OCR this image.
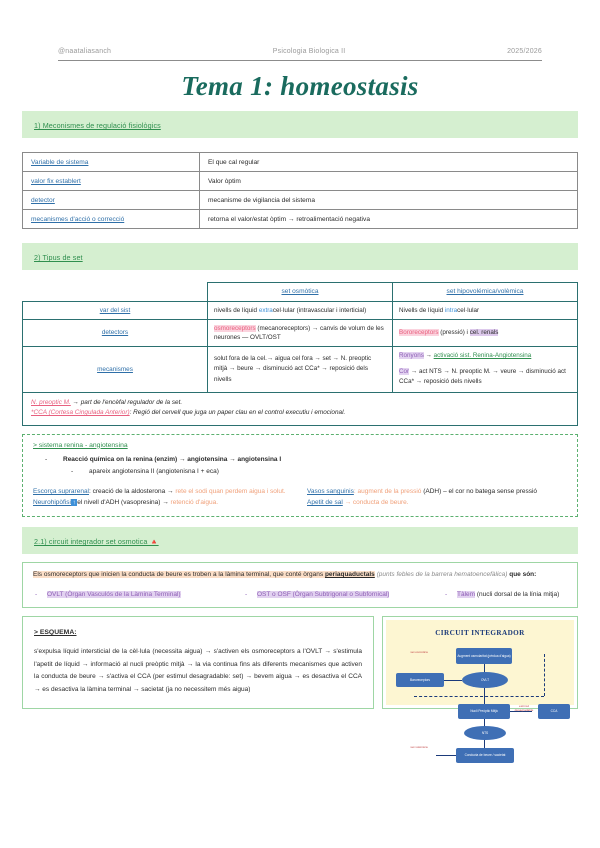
@naataliasanch	Psicologia Biologica II	2025/2026
Tema 1: homeostasis
1) Meconismes de regulació fisiològics
Variable de sistema	El que cal regular
valor fix establert	Valor òptim
detector	mecanisme de vigilancia del sistema
mecanismes d'acció o correcció	retorna el valor/estat òptim → retroalimentació negativa
2) Tipus de set
	set osmòtica	set hipovolémica/volèmica
var del sist	nivells de líquid extracel·lular (intravascular i interticial)	Nivells de líquid intracel·lular
detectors	osmoreceptors (mecanoreceptors) → canvis de volum de les neurones — OVLT/OST	Bororeceptors (pressió) i cel. renals
mecanismes	solut fora de la cel.→ aigua cel fora → set → N. preoptic mitjà → beure → disminució act CCa* → reposició dels nivells	Ronyons → activació sist. Renina-Angiotensina
Cor → act NTS → N. preoptic M. → veure → disminució act CCa* → reposició dels nivells
N. preoptic M. → part de l'encèfal regulador de la set.
*CCA (Cortesa Cingulada Anterior): Regió del cervell que juga un paper clau en el control executiu i emocional.
> sistema renina - angiotensina
- Reacció química on la renina (enzim) → angiotensina → angiotensina I
- apareix angiotensina II (angiotenisna I + eca)
Escorça suprarenal: creació de la aldosterona → rete el sodi quan perdem aigua i solut.
Neurohipòfisi ↑ el nivell d'ADH (vasopresina) → retenció d'aigua.
Vasos sanguinis: augment de la pressió (ADH) – el cor no batega sense pressió
Apetit de sal → conducta de beure.
2.1) circuit integrador set osmotica 🔺
Els osmoreceptors que inicien la conducta de beure es troben a la làmina terminal, que conté òrgans periaquaductals (punts febles de la barrera hematoencefàlica) que són:
- OVLT (Òrgan Vasculós de la Làmina Terminal)	- OST o OSF (Òrgan Subtrigonal o Subfornical)	- Tàlem (nucli dorsal de la línia mitja)
> ESQUEMA:
s'expulsa líquid intersticial de la cèl·lula (necessita aigua) → s'activen els osmoreceptors a l'OVLT → s'estimula l'apetit de líquid → informació al nucli preòptic mitjà → la via continua fins als diferents mecanismes que activen la conducta de beure → s'activa el CCA (per estimul desagradable: set) → bevem aigua → es desactiva el CCA → es desactiva la làmina terminal → sacietat (ja no necessitem més aigua)
CIRCUIT INTEGRADOR
Augment osmolaritat (pèrdua d'aigua)
set osmòtica
OVLT
Baroreceptors
Nucli Preòptic Mitjà
estímul desagradable	CCA
NTS
Conducta de beure / sacietat
set volèmica
